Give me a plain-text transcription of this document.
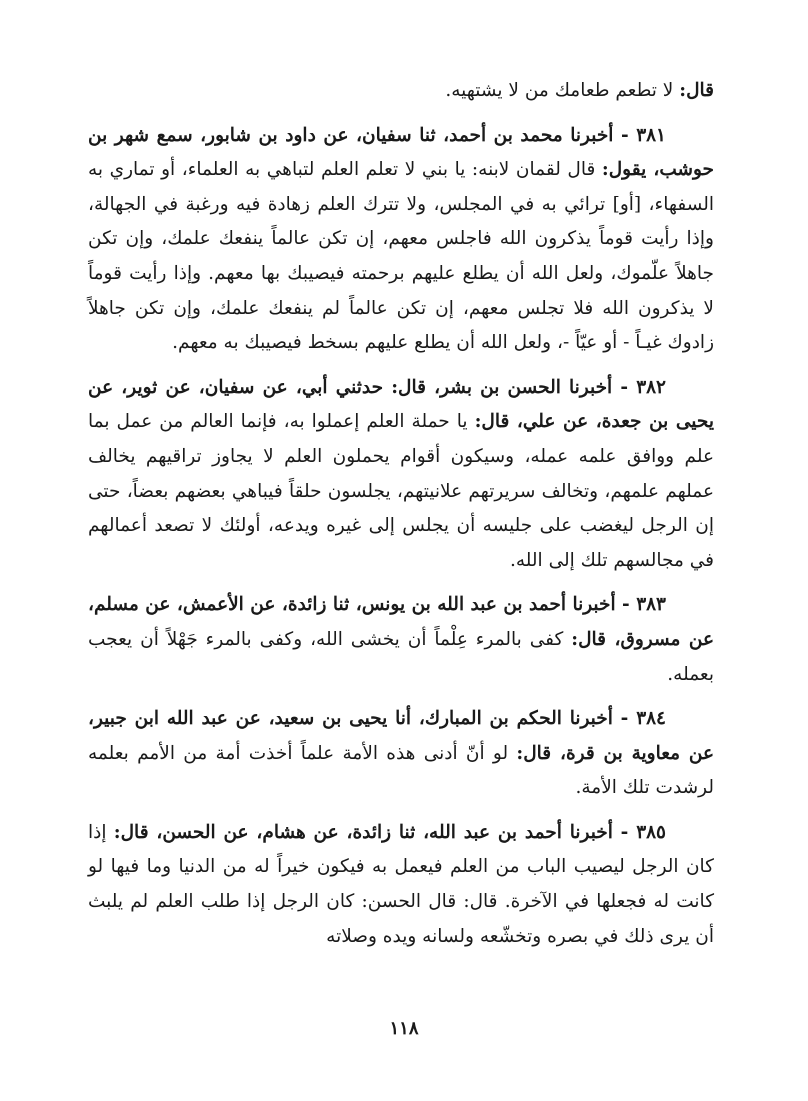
قال: لا تطعم طعامك من لا يشتهيه.

٣٨١ - أخبرنا محمد بن أحمد، ثنا سفيان، عن داود بن شابور، سمع شهر بن حوشب، يقول: قال لقمان لابنه: يا بني لا تعلم العلم لتباهي به العلماء، أو تماري به السفهاء، [أو] ترائي به في المجلس، ولا تترك العلم زهادة فيه ورغبة في الجهالة، وإذا رأيت قوماً يذكرون الله فاجلس معهم، إن تكن عالماً ينفعك علمك، وإن تكن جاهلاً علّموك، ولعل الله أن يطلع عليهم برحمته فيصيبك بها معهم. وإذا رأيت قوماً لا يذكرون الله فلا تجلس معهم، إن تكن عالماً لم ينفعك علمك، وإن تكن جاهلاً زادوك غيـاً - أو عيّاً -، ولعل الله أن يطلع عليهم بسخط فيصيبك به معهم.

٣٨٢ - أخبرنا الحسن بن بشر، قال: حدثني أبي، عن سفيان، عن ثوير، عن يحيى بن جعدة، عن علي، قال: يا حملة العلم إعملوا به، فإنما العالم من عمل بما علم ووافق علمه عمله، وسيكون أقوام يحملون العلم لا يجاوز تراقيهم يخالف عملهم علمهم، وتخالف سريرتهم علانيتهم، يجلسون حلقاً فيباهي بعضهم بعضاً، حتى إن الرجل ليغضب على جليسه أن يجلس إلى غيره ويدعه، أولئك لا تصعد أعمالهم في مجالسهم تلك إلى الله.

٣٨٣ - أخبرنا أحمد بن عبد الله بن يونس، ثنا زائدة، عن الأعمش، عن مسلم، عن مسروق، قال: كفى بالمرء عِلْماً أن يخشى الله، وكفى بالمرء جَهْلاً أن يعجب بعمله.

٣٨٤ - أخبرنا الحكم بن المبارك، أنا يحيى بن سعيد، عن عبد الله ابن جبير، عن معاوية بن قرة، قال: لو أنّ أدنى هذه الأمة علماً أخذت أمة من الأمم بعلمه لرشدت تلك الأمة.

٣٨٥ - أخبرنا أحمد بن عبد الله، ثنا زائدة، عن هشام، عن الحسن، قال: إذا كان الرجل ليصيب الباب من العلم فيعمل به فيكون خيراً له من الدنيا وما فيها لو كانت له فجعلها في الآخرة. قال: قال الحسن: كان الرجل إذا طلب العلم لم يلبث أن يرى ذلك في بصره وتخشّعه ولسانه ويده وصلاته

١١٨
